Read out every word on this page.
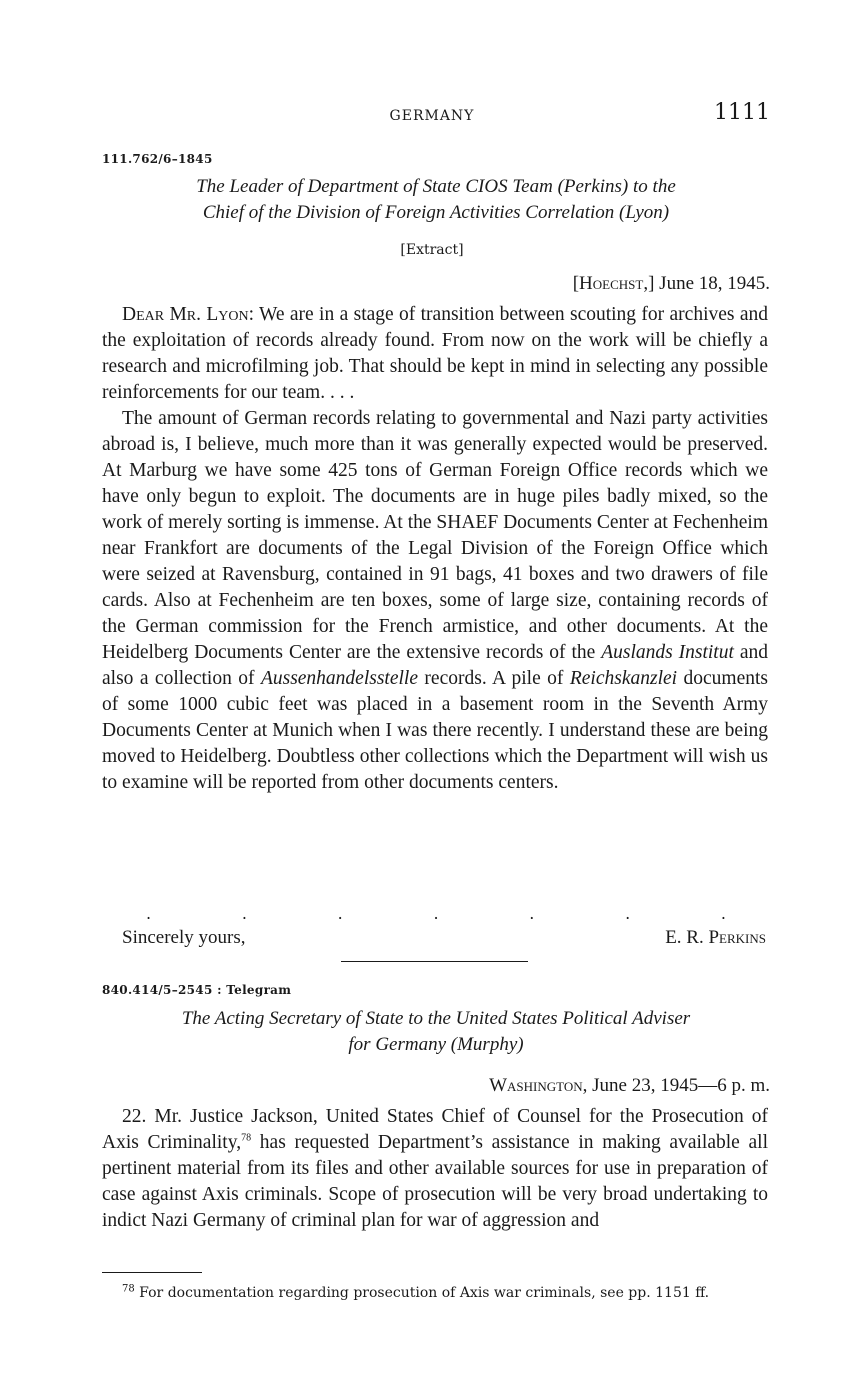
GERMANY	1111
111.762/6–1845
The Leader of Department of State CIOS Team (Perkins) to the
Chief of the Division of Foreign Activities Correlation (Lyon)
[Extract]
[Hoechst,] June 18, 1945.

Dear Mr. Lyon: We are in a stage of transition between scouting for archives and the exploitation of records already found. From now on the work will be chiefly a research and microfilming job. That should be kept in mind in selecting any possible reinforcements for our team. . . .

The amount of German records relating to governmental and Nazi party activities abroad is, I believe, much more than it was generally expected would be preserved. At Marburg we have some 425 tons of German Foreign Office records which we have only begun to exploit. The documents are in huge piles badly mixed, so the work of merely sorting is immense. At the SHAEF Documents Center at Fechenheim near Frankfort are documents of the Legal Division of the Foreign Office which were seized at Ravensburg, contained in 91 bags, 41 boxes and two drawers of file cards. Also at Fechenheim are ten boxes, some of large size, containing records of the German commission for the French armistice, and other documents. At the Heidelberg Documents Center are the extensive records of the Auslands Institut and also a collection of Aussenhandelsstelle records. A pile of Reichskanzlei documents of some 1000 cubic feet was placed in a basement room in the Seventh Army Documents Center at Munich when I was there recently. I understand these are being moved to Heidelberg. Doubtless other collections which the Department will wish us to examine will be reported from other documents centers.

.	.	.	.	.	.	.
Sincerely yours,	E. R. Perkins
840.414/5–2545 : Telegram
The Acting Secretary of State to the United States Political Adviser
for Germany (Murphy)
Washington, June 23, 1945—6 p. m.

22. Mr. Justice Jackson, United States Chief of Counsel for the Prosecution of Axis Criminality,$^{78}$ has requested Department’s assistance in making available all pertinent material from its files and other available sources for use in preparation of case against Axis criminals. Scope of prosecution will be very broad undertaking to indict Nazi Germany of criminal plan for war of aggression and

$^{78}$ For documentation regarding prosecution of Axis war criminals, see pp. 1151 ff.
